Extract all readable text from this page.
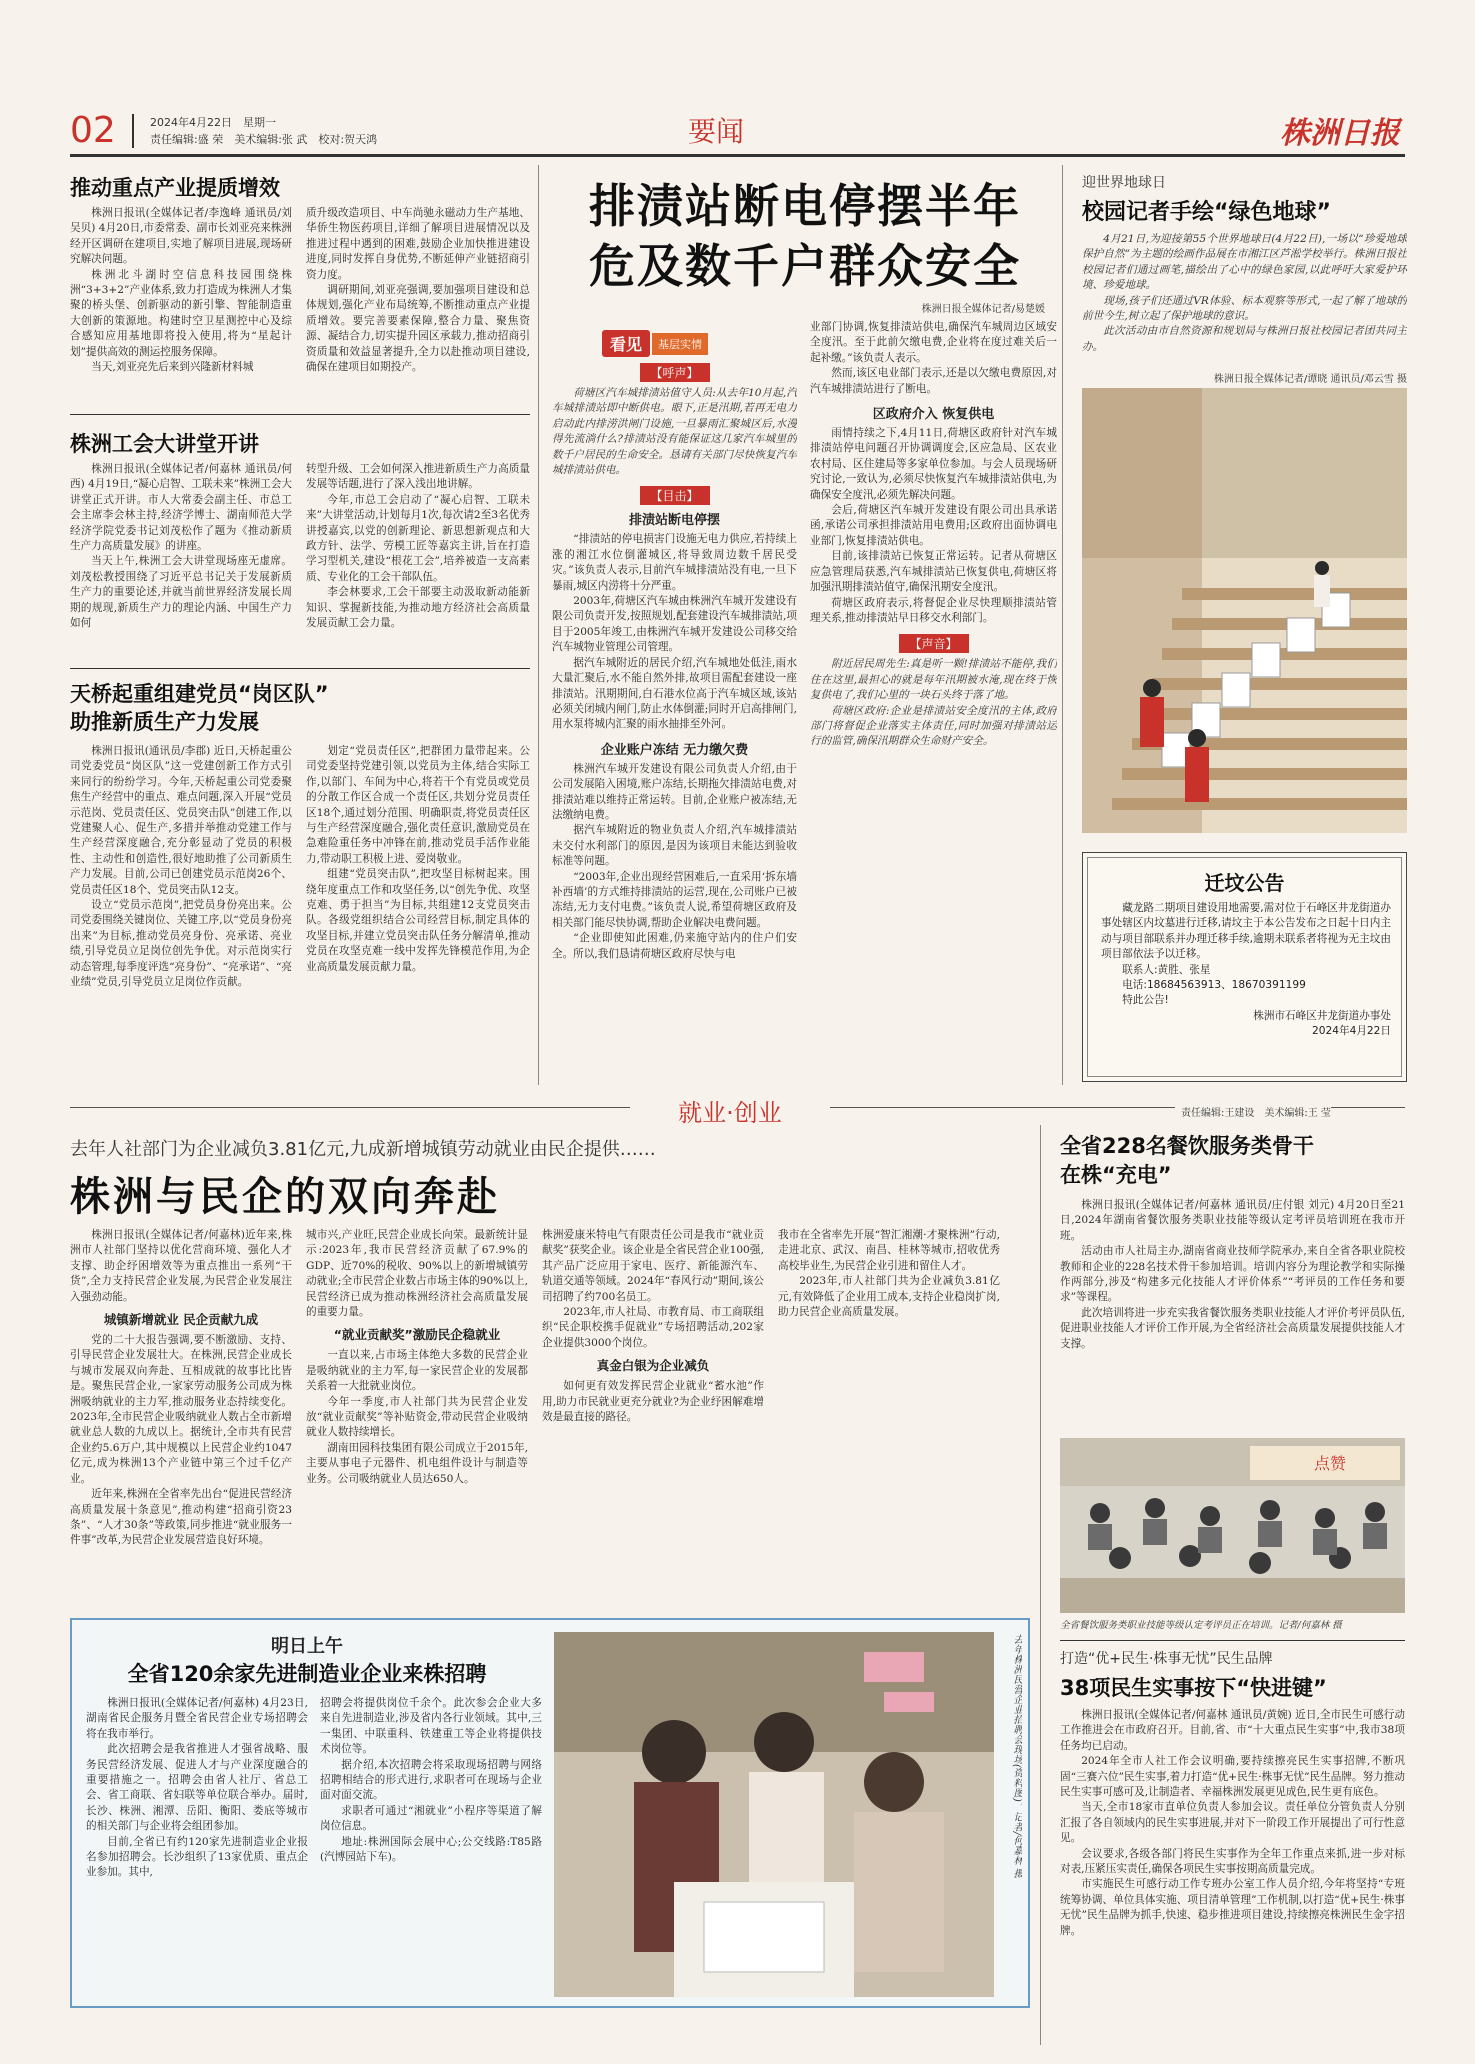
02	2024年4月22日　星期一
责任编辑:盛 荣　美术编辑:张 武　校对:贺天鸿	要闻	株洲日报
推动重点产业提质增效

株洲日报讯(全媒体记者/李逸峰 通讯员/刘吴贝) 4月20日,市委常委、副市长刘亚亮来株洲经开区调研在建项目,实地了解项目进展,现场研究解决问题。

株洲北斗湖时空信息科技园围绕株洲“3+3+2”产业体系,致力打造成为株洲人才集聚的桥头堡、创新驱动的新引擎、智能制造重大创新的策源地。构建时空卫星测控中心及综合感知应用基地即将投入使用,将为“星起计划”提供高效的测运控服务保障。

当天,刘亚亮先后来到兴隆新材料城

质升级改造项目、中车尚驰永磁动力生产基地、华侨生物医药项目,详细了解项目进展情况以及推进过程中遇到的困难,鼓励企业加快推进建设进度,同时发挥自身优势,不断延伸产业链招商引资力度。

调研期间,刘亚亮强调,要加强项目建设和总体规划,强化产业布局统筹,不断推动重点产业提质增效。要完善要素保障,整合力量、聚焦资源、凝结合力,切实提升园区承载力,推动招商引资质量和效益显著提升,全力以赴推动项目建设,确保在建项目如期投产。

株洲工会大讲堂开讲

株洲日报讯(全媒体记者/何嘉林 通讯员/何西) 4月19日,“凝心启智、工联未来”株洲工会大讲堂正式开讲。市人大常委会副主任、市总工会主席李会林主持,经济学博士、湖南师范大学经济学院党委书记刘茂松作了题为《推动新质生产力高质量发展》的讲座。

当天上午,株洲工会大讲堂现场座无虚席。刘茂松教授围绕了习近平总书记关于发展新质生产力的重要论述,并就当前世界经济发展长周期的规现,新质生产力的理论内涵、中国生产力如何

转型升级、工会如何深入推进新质生产力高质量发展等话题,进行了深入浅出地讲解。

今年,市总工会启动了“凝心启智、工联未来”大讲堂活动,计划每月1次,每次请2至3名优秀讲授嘉宾,以党的创新理论、新思想新观点和大政方针、法学、劳模工匠等嘉宾主讲,旨在打造学习型机关,建设“根花工会”,培养被造一支高素质、专业化的工会干部队伍。

李会林要求,工会干部要主动汲取新动能新知识、掌握新技能,为推动地方经济社会高质量发展贡献工会力量。

天桥起重组建党员“岗区队”
助推新质生产力发展

株洲日报讯(通讯员/李郡) 近日,天桥起重公司党委党员“岗区队”这一党建创新工作方式引来同行的纷纷学习。今年,天桥起重公司党委聚焦生产经营中的重点、难点问题,深入开展“党员示范岗、党员责任区、党员突击队”创建工作,以党建聚人心、促生产,多措并举推动党建工作与生产经营深度融合,充分彰显动了党员的积极性、主动性和创造性,很好地助推了公司新质生产力发展。目前,公司已创建党员示范岗26个、党员责任区18个、党员突击队12支。

设立“党员示范岗”,把党员身份亮出来。公司党委围绕关键岗位、关键工序,以“党员身份亮出来”为目标,推动党员亮身份、亮承诺、亮业绩,引导党员立足岗位创先争优。对示范岗实行动态管理,每季度评选“亮身份”、“亮承诺”、“亮业绩”党员,引导党员立足岗位作贡献。

划定“党员责任区”,把群团力量带起来。公司党委坚持党建引领,以党员为主体,结合实际工作,以部门、车间为中心,将若干个有党员或党员的分散工作区合成一个责任区,共划分党员责任区18个,通过划分范围、明确职责,将党员责任区与生产经营深度融合,强化责任意识,激励党员在急难险重任务中冲锋在前,推动党员手活作业能力,带动职工积极上进、爱岗敬业。

组建“党员突击队”,把攻坚目标树起来。围绕年度重点工作和攻坚任务,以“创先争优、攻坚克难、勇于担当”为目标,共组建12支党员突击队。各级党组织结合公司经营目标,制定具体的攻坚目标,并建立党员突击队任务分解清单,推动党员在攻坚克难一线中发挥先锋模范作用,为企业高质量发展贡献力量。

排渍站断电停摆半年
危及数千户群众安全
株洲日报全媒体记者/易楚媛
看见	基层实情
【呼声】

荷塘区汽车城排渍站值守人员:从去年10月起,汽车城排渍站即中断供电。眼下,正是汛期,若再无电力启动此内排涝洪闸门设施,一旦暴雨汇聚城区后,水漫得先流淌什么?排渍站没有能保证这几家汽车城里的数千户居民的生命安全。恳请有关部门尽快恢复汽车城排渍站供电。

【目击】
排渍站断电停摆

“排渍站的停电损害门设施无电力供应,若持续上涨的湘江水位倒灌城区,将导致周边数千居民受灾。”该负责人表示,目前汽车城排渍站没有电,一旦下暴雨,城区内涝将十分严重。

2003年,荷塘区汽车城由株洲汽车城开发建设有限公司负责开发,按照规划,配套建设汽车城排渍站,项目于2005年竣工,由株洲汽车城开发建设公司移交给汽车城物业管理公司管理。

据汽车城附近的居民介绍,汽车城地处低洼,雨水大量汇聚后,水不能自然外排,故项目需配套建设一座排渍站。汛期期间,白石港水位高于汽车城区域,该站必须关闭城内闸门,防止水体倒灌;同时开启高排闸门,用水泵将城内汇聚的雨水抽排至外河。

企业账户冻结 无力缴欠费

株洲汽车城开发建设有限公司负责人介绍,由于公司发展陷入困境,账户冻结,长期拖欠排渍站电费,对排渍站难以维持正常运转。目前,企业账户被冻结,无法缴纳电费。

据汽车城附近的物业负责人介绍,汽车城排渍站未交付水利部门的原因,是因为该项目未能达到验收标准等问题。

“2003年,企业出现经营困难后,一直采用‘拆东墙补西墙’的方式维持排渍站的运营,现在,公司账户已被冻结,无力支付电费。”该负责人说,希望荷塘区政府及相关部门能尽快协调,帮助企业解决电费问题。

“企业即使知此困难,仍来施守站内的住户们安全。所以,我们恳请荷塘区政府尽快与电

业部门协调,恢复排渍站供电,确保汽车城周边区域安全度汛。至于此前欠缴电费,企业将在度过难关后一起补缴。”该负责人表示。

然而,该区电业部门表示,还是以欠缴电费原因,对汽车城排渍站进行了断电。

区政府介入 恢复供电

雨情持续之下,4月11日,荷塘区政府针对汽车城排渍站停电问题召开协调调度会,区应急局、区农业农村局、区住建局等多家单位参加。与会人员现场研究讨论,一致认为,必须尽快恢复汽车城排渍站供电,为确保安全度汛,必须先解决问题。

会后,荷塘区汽车城开发建设有限公司出具承诺函,承诺公司承担排渍站用电费用;区政府出面协调电业部门,恢复排渍站供电。

目前,该排渍站已恢复正常运转。记者从荷塘区应急管理局获悉,汽车城排渍站已恢复供电,荷塘区将加强汛期排渍站值守,确保汛期安全度汛。

荷塘区政府表示,将督促企业尽快理顺排渍站管理关系,推动排渍站早日移交水利部门。

【声音】

附近居民周先生:真是听一颗!排渍站不能停,我们住在这里,最担心的就是每年汛期被水淹,现在终于恢复供电了,我们心里的一块石头终于落了地。

荷塘区政府:企业是排渍站安全度汛的主体,政府部门将督促企业落实主体责任,同时加强对排渍站运行的监管,确保汛期群众生命财产安全。

迎世界地球日
校园记者手绘“绿色地球”

4月21日,为迎接第55个世界地球日(4月22日),一场以“珍爱地球 保护自然”为主题的绘画作品展在市湘江区芦淞学校举行。株洲日报社校园记者们通过画笔,描绘出了心中的绿色家园,以此呼吁大家爱护环境、珍爱地球。

现场,孩子们还通过VR体验、标本观察等形式,一起了解了地球的前世今生,树立起了保护地球的意识。

此次活动由市自然资源和规划局与株洲日报社校园记者团共同主办。

株洲日报全媒体记者/谭晓 通讯员/邓云雪 摄
迁坟公告

藏龙路二期项目建设用地需要,需对位于石峰区井龙街道办事处辖区内坟墓进行迁移,请坟主于本公告发布之日起十日内主动与项目部联系并办理迁移手续,逾期未联系者将视为无主坟由项目部依法予以迁移。

联系人:黄胜、张星

电话:18684563913、18670391199

特此公告!

株洲市石峰区井龙街道办事处

2024年4月22日

就业·创业	责任编辑:王建设　美术编辑:王 莹
去年人社部门为企业减负3.81亿元,九成新增城镇劳动就业由民企提供……
株洲与民企的双向奔赴

株洲日报讯(全媒体记者/何嘉林)近年来,株洲市人社部门坚持以优化营商环境、强化人才支撑、助企纾困增效等为重点推出一系列“干货”,全力支持民营企业发展,为民营企业发展注入强劲动能。

城镇新增就业 民企贡献九成

党的二十大报告强调,要不断激励、支持、引导民营企业发展壮大。在株洲,民营企业成长与城市发展双向奔赴、互相成就的故事比比皆是。聚焦民营企业,一家家劳动服务公司成为株洲吸纳就业的主力军,推动服务业态持续变化。2023年,全市民营企业吸纳就业人数占全市新增就业总人数的九成以上。据统计,全市共有民营企业约5.6万户,其中规模以上民营企业约1047亿元,成为株洲13个产业链中第三个过千亿产业。

近年来,株洲在全省率先出台“促进民营经济高质量发展十条意见”,推动构建“招商引资23条”、“人才30条”等政策,同步推进“就业服务一件事”改革,为民营企业发展营造良好环境。

城市兴,产业旺,民营企业成长向荣。最新统计显示:2023年,我市民营经济贡献了67.9%的GDP、近70%的税收、90%以上的新增城镇劳动就业;全市民营企业数占市场主体的90%以上,民营经济已成为推动株洲经济社会高质量发展的重要力量。

“就业贡献奖”激励民企稳就业

一直以来,占市场主体绝大多数的民营企业是吸纳就业的主力军,每一家民营企业的发展都关系着一大批就业岗位。

今年一季度,市人社部门共为民营企业发放“就业贡献奖”等补贴资金,带动民营企业吸纳就业人数持续增长。

湖南田园科技集团有限公司成立于2015年,主要从事电子元器件、机电组件设计与制造等业务。公司吸纳就业人员达650人。

株洲爱康米特电气有限责任公司是我市“就业贡献奖”获奖企业。该企业是全省民营企业100强,其产品广泛应用于家电、医疗、新能源汽车、轨道交通等领域。2024年“春风行动”期间,该公司招聘了约700名员工。

2023年,市人社局、市教育局、市工商联组织“民企职校携手促就业”专场招聘活动,202家企业提供3000个岗位。

真金白银为企业减负

如何更有效发挥民营企业就业“蓄水池”作用,助力市民就业更充分就业?为企业纾困解难增效是最直接的路径。

我市在全省率先开展“智汇湘潮·才聚株洲”行动,走进北京、武汉、南昌、桂林等城市,招收优秀高校毕业生,为民营企业引进和留住人才。

2023年,市人社部门共为企业减负3.81亿元,有效降低了企业用工成本,支持企业稳岗扩岗,助力民营企业高质量发展。

全省228名餐饮服务类骨干
在株“充电”

株洲日报讯(全媒体记者/何嘉林 通讯员/庄付银 刘元) 4月20日至21日,2024年湖南省餐饮服务类职业技能等级认定考评员培训班在我市开班。

活动由市人社局主办,湖南省商业技师学院承办,来自全省各职业院校教师和企业的228名技术骨干参加培训。培训内容分为理论教学和实际操作两部分,涉及“构建多元化技能人才评价体系”“考评员的工作任务和要求”等课程。

此次培训将进一步充实我省餐饮服务类职业技能人才评价考评员队伍,促进职业技能人才评价工作开展,为全省经济社会高质量发展提供技能人才支撑。

点赞
全省餐饮服务类职业技能等级认定考评员正在培训。记者/何嘉林 摄
打造“优+民生·株事无忧”民生品牌
38项民生实事按下“快进键”

株洲日报讯(全媒体记者/何嘉林 通讯员/黄婉) 近日,全市民生可感行动工作推进会在市政府召开。目前,省、市“十大重点民生实事”中,我市38项任务均已启动。

2024年全市人社工作会议明确,要持续擦亮民生实事招牌,不断巩固“三赛六位”民生实事,着力打造“优+民生·株事无忧”民生品牌。努力推动民生实事可感可及,让制造者、幸福株洲发展更见成色,民生更有底色。

当天,全市18家市直单位负责人参加会议。责任单位分管负责人分别汇报了各自领域内的民生实事进展,并对下一阶段工作开展提出了可行性意见。

会议要求,各级各部门将民生实事作为全年工作重点来抓,进一步对标对表,压紧压实责任,确保各项民生实事按期高质量完成。

市实施民生可感行动工作专班办公室工作人员介绍,今年将坚持“专班统筹协调、单位具体实施、项目清单管理”工作机制,以打造“优+民生·株事无忧”民生品牌为抓手,快速、稳步推进项目建设,持续擦亮株洲民生金字招牌。

明日上午
全省120余家先进制造业企业来株招聘

株洲日报讯(全媒体记者/何嘉林) 4月23日,湖南省民企服务月暨全省民营企业专场招聘会将在我市举行。

此次招聘会是我省推进人才强省战略、服务民营经济发展、促进人才与产业深度融合的重要措施之一。招聘会由省人社厅、省总工会、省工商联、省妇联等单位联合举办。届时,长沙、株洲、湘潭、岳阳、衡阳、娄底等城市的相关部门与企业将会组团参加。

目前,全省已有约120家先进制造业企业报名参加招聘会。长沙组织了13家优质、重点企业参加。其中,

招聘会将提供岗位千余个。此次参会企业大多来自先进制造业,涉及省内各行业领域。其中,三一集团、中联重科、铁建重工等企业将提供技术岗位等。

据介绍,本次招聘会将采取现场招聘与网络招聘相结合的形式进行,求职者可在现场与企业面对面交流。

求职者可通过“湘就业”小程序等渠道了解岗位信息。

地址:株洲国际会展中心;公交线路:T85路(汽博园站下车)。	去年株洲民营企业招聘会现场(资料图)。记者/何嘉林 摄
